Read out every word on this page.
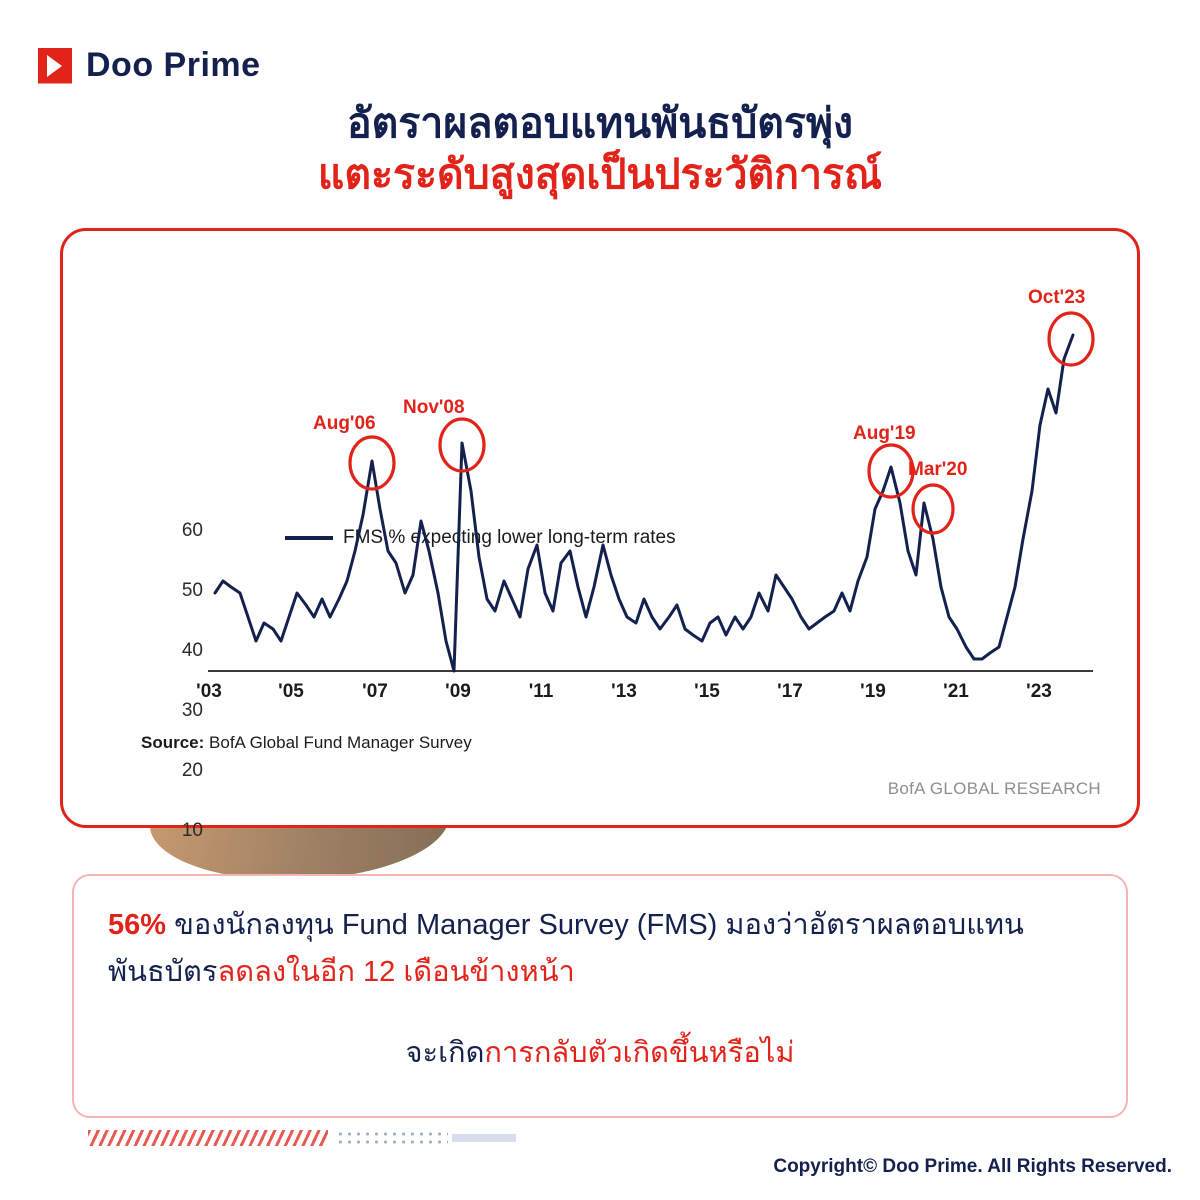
Doo Prime
อัตราผลตอบแทนพันธบัตรพุ่ง
แตะระดับสูงสุดเป็นประวัติการณ์
FMS % expecting lower long-term rates
60
50
40
30
20
10
Aug'06
Nov'08
Aug'19
Mar'20
Oct'23
'03	'05	'07	'09	'11	'13	'15	'17	'19	'21	'23
Source: BofA Global Fund Manager Survey
BofA GLOBAL RESEARCH

56% ของนักลงทุน Fund Manager Survey (FMS) มองว่าอัตราผลตอบแทนพันธบัตรลดลงในอีก 12 เดือนข้างหน้า

จะเกิดการกลับตัวเกิดขึ้นหรือไม่

Copyright© Doo Prime. All Rights Reserved.
